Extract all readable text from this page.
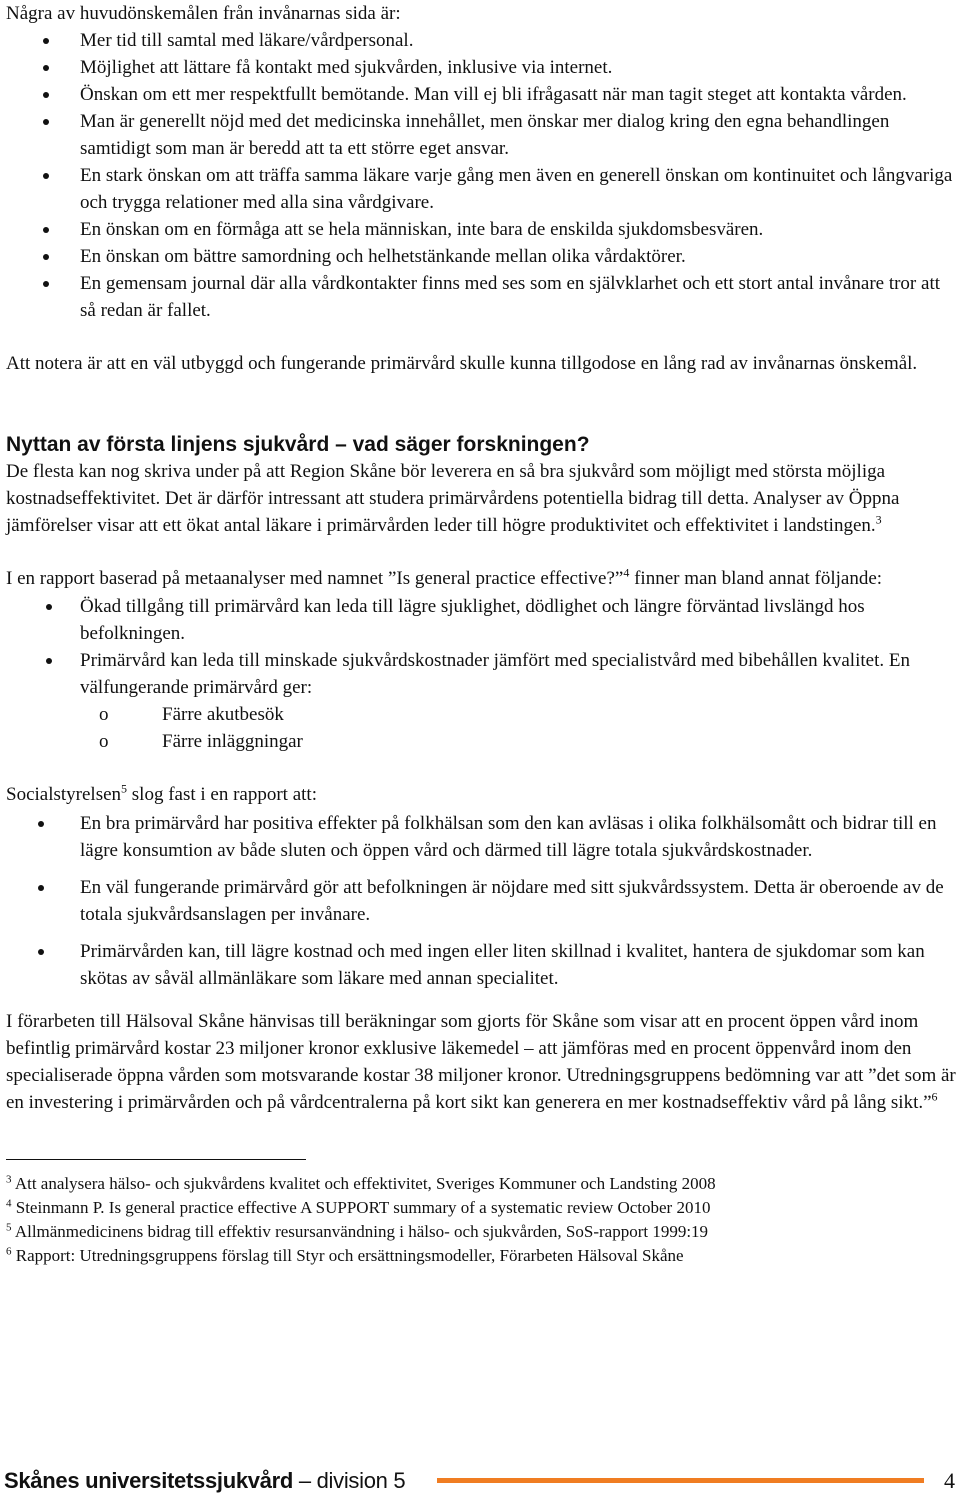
Några av huvudönskemålen från invånarnas sida är:

Mer tid till samtal med läkare/vårdpersonal.
Möjlighet att lättare få kontakt med sjukvården, inklusive via internet.
Önskan om ett mer respektfullt bemötande. Man vill ej bli ifrågasatt när man tagit steget att kontakta vården.
Man är generellt nöjd med det medicinska innehållet, men önskar mer dialog kring den egna behandlingen samtidigt som man är beredd att ta ett större eget ansvar.
En stark önskan om att träffa samma läkare varje gång men även en generell önskan om kontinuitet och långvariga och trygga relationer med alla sina vårdgivare.
En önskan om en förmåga att se hela människan, inte bara de enskilda sjukdomsbesvären.
En önskan om bättre samordning och helhetstänkande mellan olika vårdaktörer.
En gemensam journal där alla vårdkontakter finns med ses som en självklarhet och ett stort antal invånare tror att så redan är fallet.

Att notera är att en väl utbyggd och fungerande primärvård skulle kunna tillgodose en lång rad av invånarnas önskemål.

Nyttan av första linjens sjukvård – vad säger forskningen?

De flesta kan nog skriva under på att Region Skåne bör leverera en så bra sjukvård som möjligt med största möjliga kostnadseffektivitet. Det är därför intressant att studera primärvårdens potentiella bidrag till detta. Analyser av Öppna jämförelser visar att ett ökat antal läkare i primärvården leder till högre produktivitet och effektivitet i landstingen.$^3$

I en rapport baserad på metaanalyser med namnet ”Is general practice effective?”$^4$ finner man bland annat följande:

Ökad tillgång till primärvård kan leda till lägre sjuklighet, dödlighet och längre förväntad livslängd hos befolkningen.
Primärvård kan leda till minskade sjukvårdskostnader jämfört med specialistvård med bibehållen kvalitet. En välfungerande primärvård ger:
o	Färre akutbesök
o	Färre inläggningar

Socialstyrelsen$^5$ slog fast i en rapport att:

En bra primärvård har positiva effekter på folkhälsan som den kan avläsas i olika folkhälsomått och bidrar till en lägre konsumtion av både sluten och öppen vård och därmed till lägre totala sjukvårdskostnader.
En väl fungerande primärvård gör att befolkningen är nöjdare med sitt sjukvårdssystem. Detta är oberoende av de totala sjukvårdsanslagen per invånare.
Primärvården kan, till lägre kostnad och med ingen eller liten skillnad i kvalitet, hantera de sjukdomar som kan skötas av såväl allmänläkare som läkare med annan specialitet.

I förarbeten till Hälsoval Skåne hänvisas till beräkningar som gjorts för Skåne som visar att en procent öppen vård inom befintlig primärvård kostar 23 miljoner kronor exklusive läkemedel – att jämföras med en procent öppenvård inom den specialiserade öppna vården som motsvarande kostar 38 miljoner kronor. Utredningsgruppens bedömning var att ”det som är en investering i primärvården och på vårdcentralerna på kort sikt kan generera en mer kostnadseffektiv vård på lång sikt.”$^6$

$^3$ Att analysera hälso- och sjukvårdens kvalitet och effektivitet, Sveriges Kommuner och Landsting 2008

$^4$ Steinmann P. Is general practice effective A SUPPORT summary of a systematic review October 2010

$^5$ Allmänmedicinens bidrag till effektiv resursanvändning i hälso- och sjukvården, SoS-rapport 1999:19

$^6$ Rapport: Utredningsgruppens förslag till Styr och ersättningsmodeller, Förarbeten Hälsoval Skåne

Skånes universitetssjukvård – division 5	4
